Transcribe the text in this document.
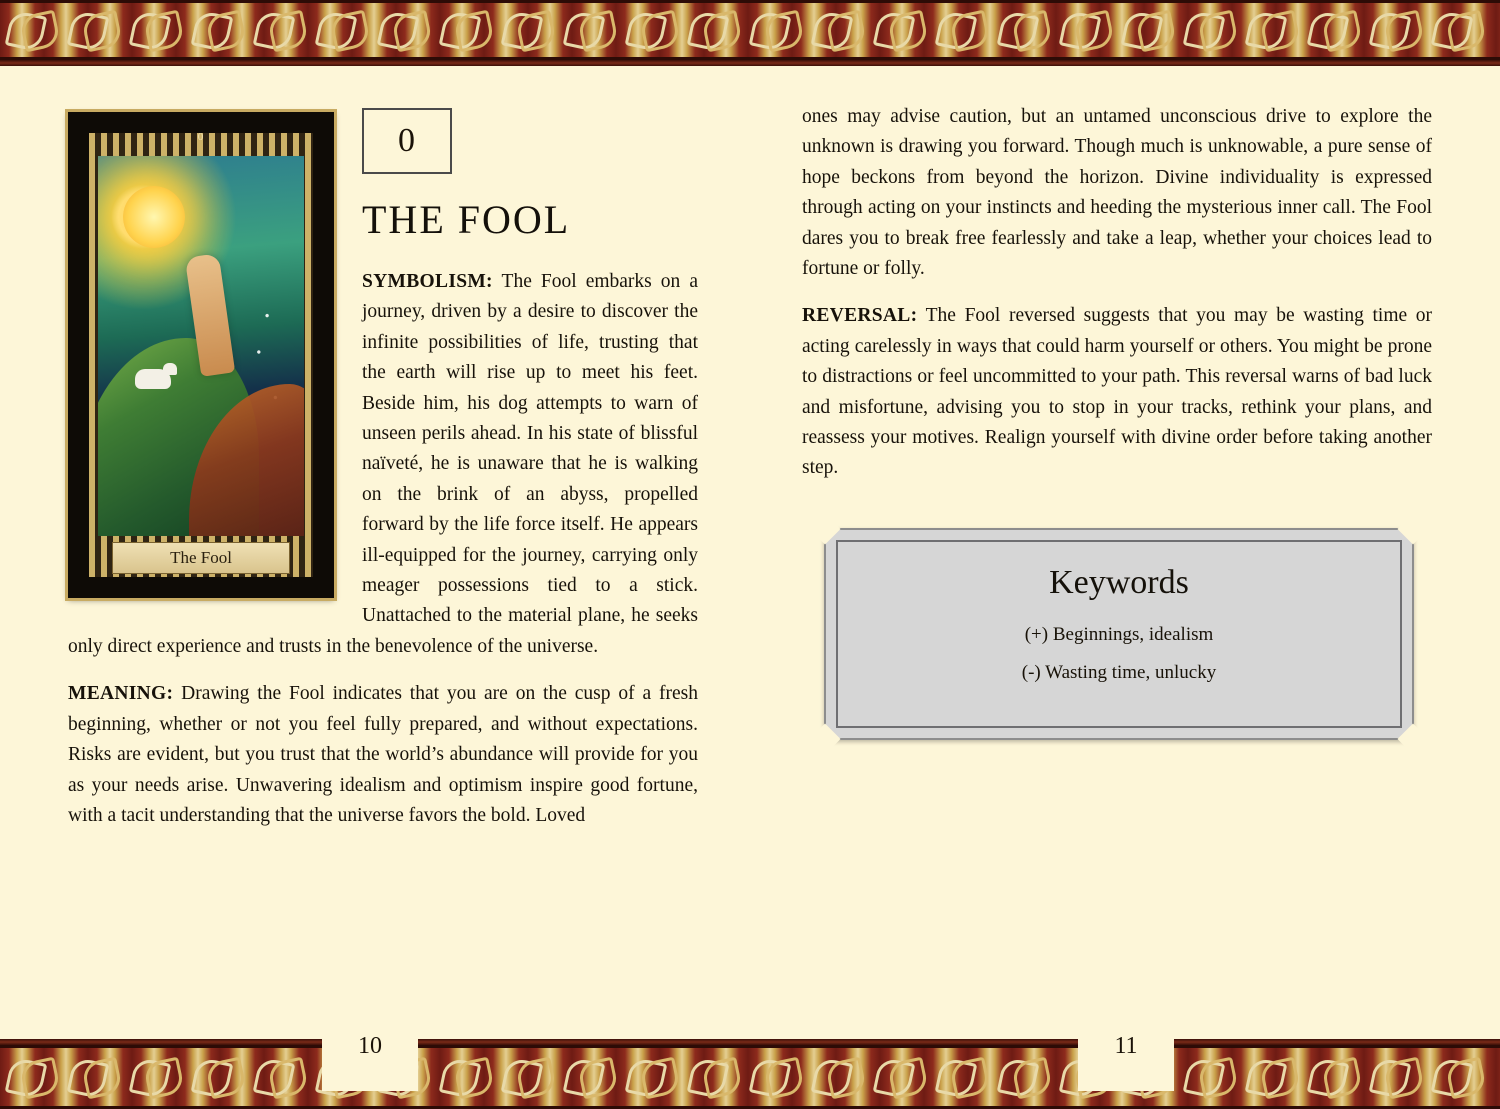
0
The Fool
0
THE FOOL

SYMBOLISM: The Fool embarks on a journey, driven by a desire to discover the infinite possibilities of life, trusting that the earth will rise up to meet his feet. Beside him, his dog attempts to warn of unseen perils ahead. In his state of blissful naïveté, he is unaware that he is walking on the brink of an abyss, propelled forward by the life force itself. He appears ill-equipped for the journey, carrying only meager possessions tied to a stick. Unattached to the material plane, he seeks only direct experience and trusts in the benevolence of the universe.

MEANING: Drawing the Fool indicates that you are on the cusp of a fresh beginning, whether or not you feel fully prepared, and without expectations. Risks are evident, but you trust that the world’s abundance will provide for you as your needs arise. Unwavering idealism and optimism inspire good fortune, with a tacit understanding that the universe favors the bold. Loved

ones may advise caution, but an untamed unconscious drive to explore the unknown is drawing you forward. Though much is unknowable, a pure sense of hope beckons from beyond the horizon. Divine individuality is expressed through acting on your instincts and heeding the mysterious inner call. The Fool dares you to break free fearlessly and take a leap, whether your choices lead to fortune or folly.

REVERSAL: The Fool reversed suggests that you may be wasting time or acting carelessly in ways that could harm yourself or others. You might be prone to distractions or feel uncommitted to your path. This reversal warns of bad luck and misfortune, advising you to stop in your tracks, rethink your plans, and reassess your motives. Realign yourself with divine order before taking another step.

Keywords

(+) Beginnings, idealism

(-) Wasting time, unlucky

10	11
